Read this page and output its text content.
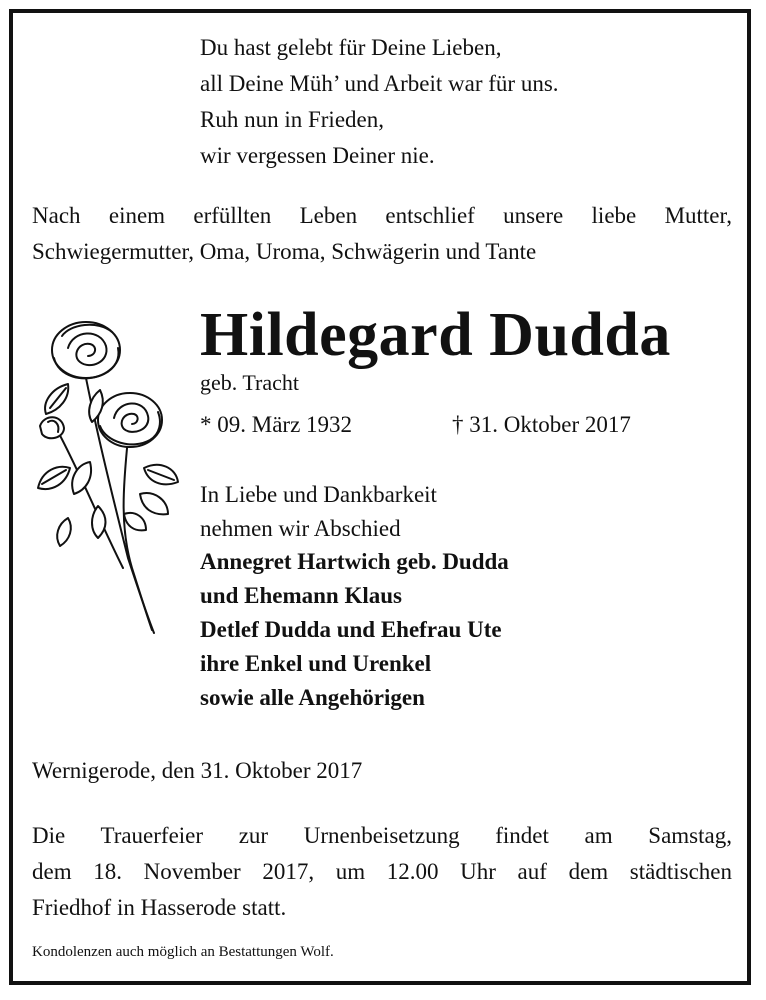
Du hast gelebt für Deine Lieben,
all Deine Müh’ und Arbeit war für uns.
Ruh nun in Frieden,
wir vergessen Deiner nie.
Nach einem erfüllten Leben entschlief unsere liebe Mutter,
Schwiegermutter, Oma, Uroma, Schwägerin und Tante
Hildegard Dudda
geb. Tracht
* 09. März 1932	† 31. Oktober 2017
In Liebe und Dankbarkeit
nehmen wir Abschied
Annegret Hartwich geb. Dudda
und Ehemann Klaus
Detlef Dudda und Ehefrau Ute
ihre Enkel und Urenkel
sowie alle Angehörigen
Wernigerode, den 31. Oktober 2017
Die Trauerfeier zur Urnenbeisetzung findet am Samstag,
dem 18. November 2017, um 12.00 Uhr auf dem städtischen
Friedhof in Hasserode statt.
Kondolenzen auch möglich an Bestattungen Wolf.
